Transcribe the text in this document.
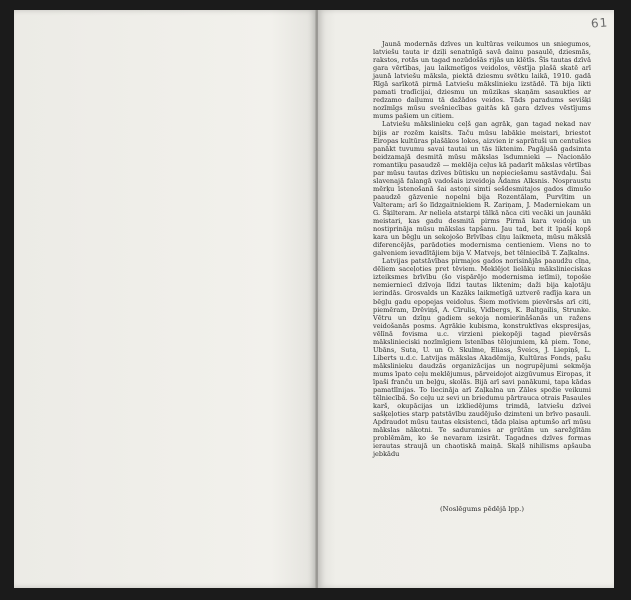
61

Jaunā modernās dzīves un kultūras veikumos un sniegumos, latviešu tauta ir dziļi senatnīgā savā dainu pasaulē, dziesmās, rakstos, rotās un tagad nozūdošās rijās un klētīs. Šīs tautas dzīvā gara vērtības, jau laikmetīgos veidolos, vēstīja plašā skatē arī jaunā latviešu māksla, piektā dziesmu svētku laikā, 1910. gadā Rīgā sarīkotā pirmā Latviešu mākslinieku izstādē. Tā bija likti pamati tradīcijai, dziesmu un mūzikas skaņām sasaukties ar redzamo daiļumu tā dažādos veidos. Tāds paradums sevišķi nozīmīgs mūsu svešniecības gaitās kā gara dzīves vēstījums mums pašiem un citiem.

Latviešu mākslinieku ceļš gan agrāk, gan tagad nekad nav bijis ar rozēm kaisīts. Taču mūsu labākie meistari, briestot Eiropas kultūras plašākos lokos, aizvien ir saprātuši un centušies panākt tuvumu savai tautai un tās liktenim. Pagājušā gadsimta beidzamajā desmitā mūsu mākslas īsdumnieki — Nacionālo romantiķu pasaudzē — meklēja ceļus kā padarīt mākslas vērtības par mūsu tautas dzīves būtisku un nepieciešamu sastāvdaļu. Šai slavenajā falangā vadošais izveidoja Ādams Alksnis. Nospraustu mērķu īstenošanā šai astoņi simti sešdesmitajos gados dimušo paaudzē gāzvenie nopelni bija Rozentālam, Purvītim un Valteram; arī šo līdzgaitniekiem R. Zariņam, J. Maderniekam un G. Šķilteram. Ar neliela atstarpi tālkā nāca citi vecāki un jaunāki meistari, kas gadu desmitā pirms Pirmā kara veidoja un nostiprināja mūsu mākslas tapšanu. Jau tad, bet it īpaši kopš kara un bēgļu un sekojošo Brīvības cīņu laikmeta, mūsu mākslā diferencējās, parādoties modernisma centieniem. Viens no to galveniem ievadītājiem bija V. Matvejs, bet tēlniecībā T. Zaļkalns.

Latvijas patstāvības pirmajos gados norisinājās paaudžu cīņa, dēliem saceļoties pret tēviem. Meklējot lielāku mākslinieciskas izteiksmes brīvību (šo vispārējo modernisma ietīmi), topošie nemierniecī dzīvoja līdzi tautas liktenim; daži bija kaļotāju ierindās. Grosvalds un Kazāks laikmetīgā uztverē radīja kara un bēgļu gadu epopejas veidolus. Šiem motīviem pievērsās arī citi, piemēram, Drēviņš, A. Cīrulis, Vidbergs, K. Baltgailis, Strunke. Vētru un dzīņu gadiem sekoja nomierināšanās un ražens veidošanās posms. Agrākie kubisma, konstruktīvas ekspresijas, vēlīnā fovisma u.c. virzieni piekopēji tagad pievērsās mākslinieciski nozīmīgiem īstenības tēlojumiem, kā piem. Tone, Ubāns, Suta, U. un O. Skulme, Eliass, Šveics, J. Liepiņš, L. Liberts u.d.c. Latvijas mākslas Akadēmija, Kultūras Fonds, pašu mākslinieku daudzās organizācijas un nogrupējumi sekmēja mums īpato ceļu meklējumus, pārveidojot aizgūvumus Eiropas, it īpaši franču un beļģu, skolās. Bijā arī savi panākumi, tapa kādas pamatlīnijas. To liecināja arī Zaļkalna un Zāles spožie veikumi tēlniecībā. Šo ceļu uz sevi un briedumu pārtrauca otrais Pasaules karš, okupācijas un izkliedējums trimdā, latviešu dzīvei sašķeļoties starp patstāvību zaudējušo dzimteni un brīvo pasauli. Apdraudot mūsu tautas eksistenci, tāda plaisa aptumšo arī mūsu mākslas nākotni. Te saduramies ar grūtām un sarežģītām problēmām, ko še nevaram izsirāt. Tagadnes dzīves formas ierautas straujā un chaotiskā maiņā. Skaļš nihilisms apšauba jebkādu

(Noslēgums pēdējā lpp.)
